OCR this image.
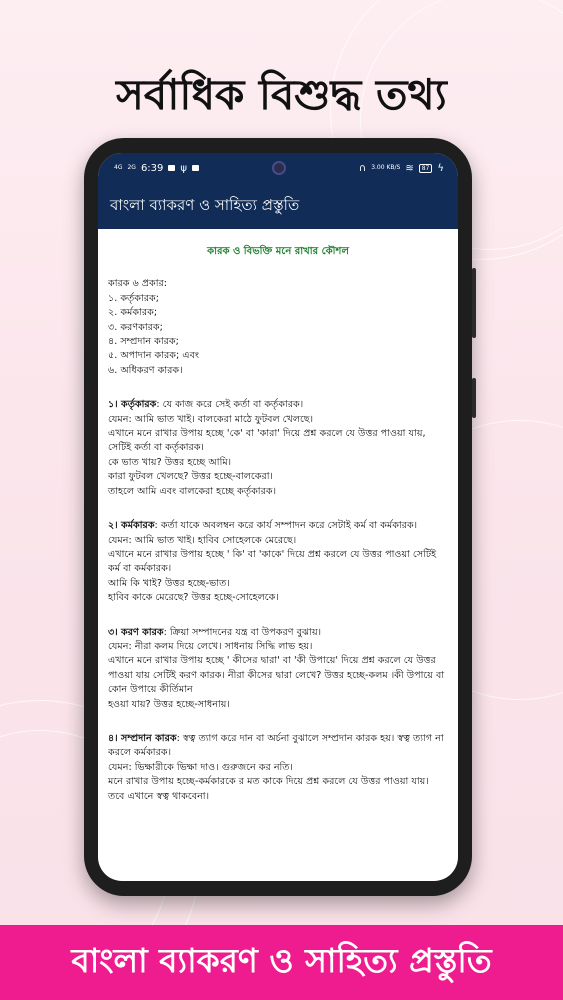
সর্বাধিক বিশুদ্ধ তথ্য
4G 2G 6:39 ψ	∩ 3.00 KB/S ≋	87 ϟ
বাংলা ব্যাকরণ ও সাহিত্য প্রস্তুতি
কারক ও বিভক্তি মনে রাখার কৌশল

কারক ৬ প্রকার:

১. কর্তৃকারক;

২. কর্মকারক;

৩. করণকারক;

৪. সম্প্রদান কারক;

৫. অপাদান কারক; এবং

৬. অধিকরণ কারক।

১। কর্তৃকারক: যে কাজ করে সেই কর্তা বা কর্তৃকারক।

যেমন: আমি ভাত খাই। বালকেরা মাঠে ফুটবল খেলছে।

এখানে মনে রাখার উপায় হচ্ছে 'কে' বা 'কারা' দিয়ে প্রশ্ন করলে যে উত্তর পাওয়া যায়, সেটিই কর্তা বা কর্তৃকারক।

কে ভাত খায়? উত্তর হচ্ছে আমি।

কারা ফুটবল খেলছে? উত্তর হচ্ছে-বালকেরা।

তাহলে আমি এবং বালকেরা হচ্ছে কর্তৃকারক।

২। কর্মকারক: কর্তা যাকে অবলম্বন করে কার্য সম্পাদন করে সেটাই কর্ম বা কর্মকারক।

যেমন: আমি ভাত খাই। হাবিব সোহেলকে মেরেছে।

এখানে মনে রাখার উপায় হচ্ছে ' কি' বা 'কাকে' দিয়ে প্রশ্ন করলে যে উত্তর পাওয়া সেটিই কর্ম বা কর্মকারক।

আমি কি খাই? উত্তর হচ্ছে-ভাত।

হাবিব কাকে মেরেছে? উত্তর হচ্ছে-সোহেলকে।

৩। করণ কারক: ক্রিয়া সম্পাদনের যন্ত্র বা উপকরণ বুঝায়।

যেমন: নীরা কলম দিয়ে লেখে। সাধনায় সিদ্ধি লাভ হয়।

এখানে মনে রাখার উপায় হচ্ছে ' কীসের দ্বারা' বা 'কী উপায়ে' দিয়ে প্রশ্ন করলে যে উত্তর পাওয়া যায় সেটিই করণ কারক। নীরা কীসের দ্বারা লেখে? উত্তর হচ্ছে-কলম ।কী উপায়ে বা কোন উপায়ে কীর্তিমান

হওয়া যায়? উত্তর হচ্ছে-সাধনায়।

৪। সম্প্রদান কারক: স্বত্ব ত্যাগ করে দান বা অর্চনা বুঝালে সম্প্রদান কারক হয়। স্বত্ব ত্যাগ না করলে কর্মকারক।

যেমন: ভিক্ষারীকে ভিক্ষা দাও। গুরুজনে কর নতি।

মনে রাখার উপায় হচ্ছে-কর্মকারকে র মত কাকে দিয়ে প্রশ্ন করলে যে উত্তর পাওয়া যায়।

তবে এখানে স্বত্ব থাকবেনা।

বাংলা ব্যাকরণ ও সাহিত্য প্রস্তুতি
